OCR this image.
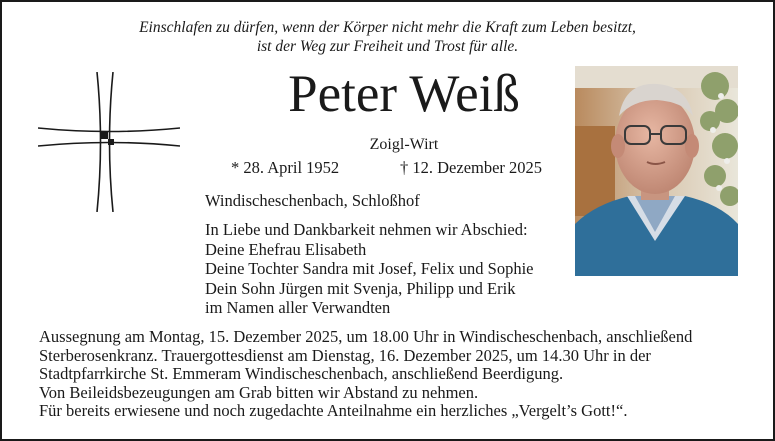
Einschlafen zu dürfen, wenn der Körper nicht mehr die Kraft zum Leben besitzt,
ist der Weg zur Freiheit und Trost für alle.
Peter Weiß
Zoigl-Wirt
* 28. April 1952	† 12. Dezember 2025
Windischeschenbach, Schloßhof
In Liebe und Dankbarkeit nehmen wir Abschied:
Deine Ehefrau Elisabeth
Deine Tochter Sandra mit Josef, Felix und Sophie
Dein Sohn Jürgen mit Svenja, Philipp und Erik
im Namen aller Verwandten
Aussegnung am Montag, 15. Dezember 2025, um 18.00 Uhr in Windischeschenbach, anschließend
Sterberosenkranz. Trauergottesdienst am Dienstag, 16. Dezember 2025, um 14.30 Uhr in der
Stadtpfarrkirche St. Emmeram Windischeschenbach, anschließend Beerdigung.
Von Beileidsbezeugungen am Grab bitten wir Abstand zu nehmen.
Für bereits erwiesene und noch zugedachte Anteilnahme ein herzliches „Vergelt’s Gott!“.
